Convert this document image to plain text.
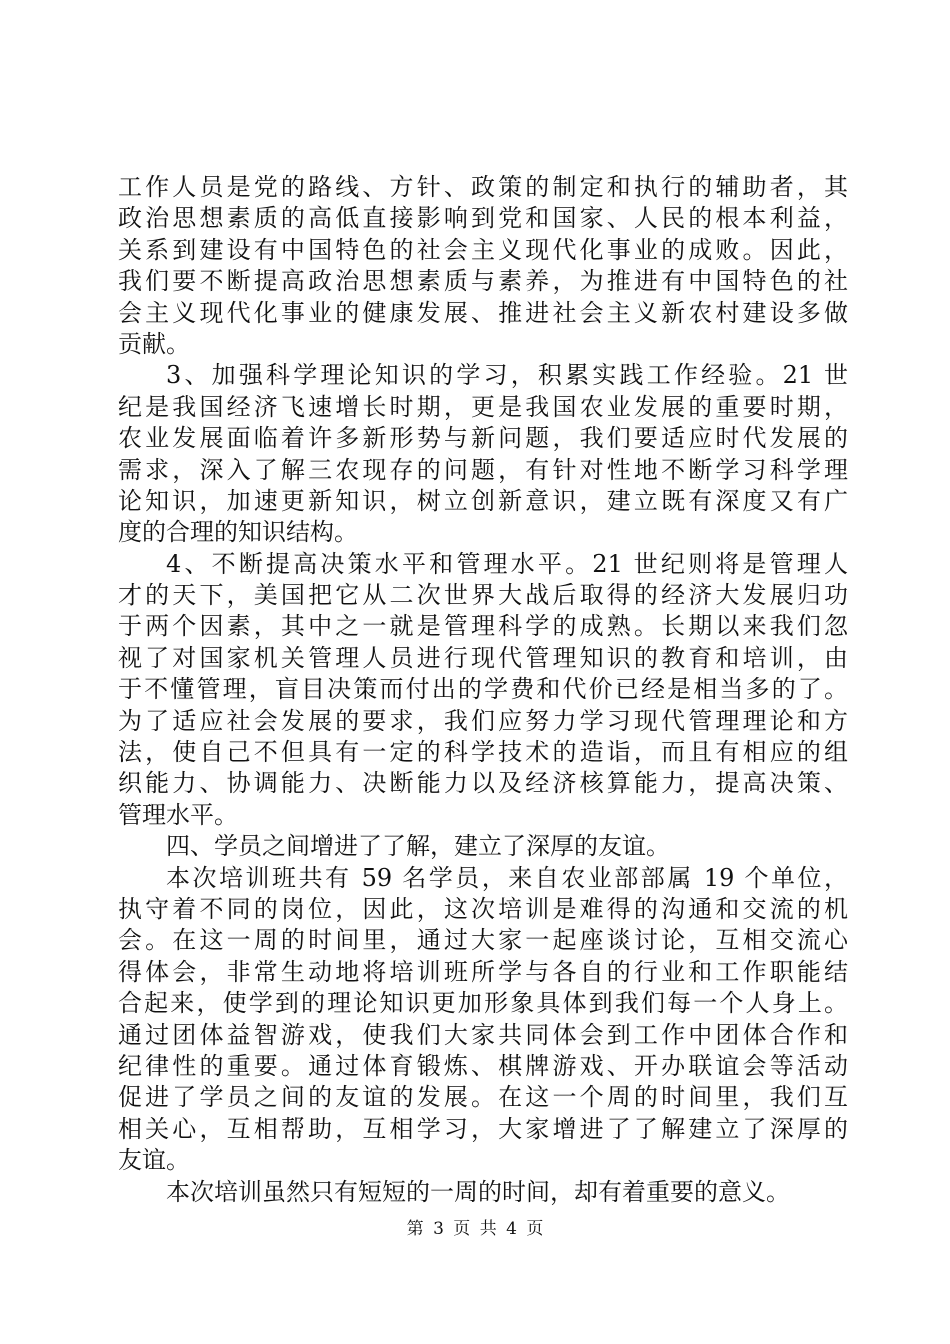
工作人员是党的路线、方针、政策的制定和执行的辅助者，其
政治思想素质的高低直接影响到党和国家、人民的根本利益，
关系到建设有中国特色的社会主义现代化事业的成败。因此，
我们要不断提高政治思想素质与素养，为推进有中国特色的社
会主义现代化事业的健康发展、推进社会主义新农村建设多做
贡献。
3、加强科学理论知识的学习，积累实践工作经验。21 世
纪是我国经济飞速增长时期，更是我国农业发展的重要时期，
农业发展面临着许多新形势与新问题，我们要适应时代发展的
需求，深入了解三农现存的问题，有针对性地不断学习科学理
论知识，加速更新知识，树立创新意识，建立既有深度又有广
度的合理的知识结构。
4、不断提高决策水平和管理水平。21 世纪则将是管理人
才的天下，美国把它从二次世界大战后取得的经济大发展归功
于两个因素，其中之一就是管理科学的成熟。长期以来我们忽
视了对国家机关管理人员进行现代管理知识的教育和培训，由
于不懂管理，盲目决策而付出的学费和代价已经是相当多的了。
为了适应社会发展的要求，我们应努力学习现代管理理论和方
法，使自己不但具有一定的科学技术的造诣，而且有相应的组
织能力、协调能力、决断能力以及经济核算能力，提高决策、
管理水平。
四、学员之间增进了了解，建立了深厚的友谊。
本次培训班共有 59 名学员，来自农业部部属 19 个单位，
执守着不同的岗位，因此，这次培训是难得的沟通和交流的机
会。在这一周的时间里，通过大家一起座谈讨论，互相交流心
得体会，非常生动地将培训班所学与各自的行业和工作职能结
合起来，使学到的理论知识更加形象具体到我们每一个人身上。
通过团体益智游戏，使我们大家共同体会到工作中团体合作和
纪律性的重要。通过体育锻炼、棋牌游戏、开办联谊会等活动
促进了学员之间的友谊的发展。在这一个周的时间里，我们互
相关心，互相帮助，互相学习，大家增进了了解建立了深厚的
友谊。
本次培训虽然只有短短的一周的时间，却有着重要的意义。
第 3 页 共 4 页
